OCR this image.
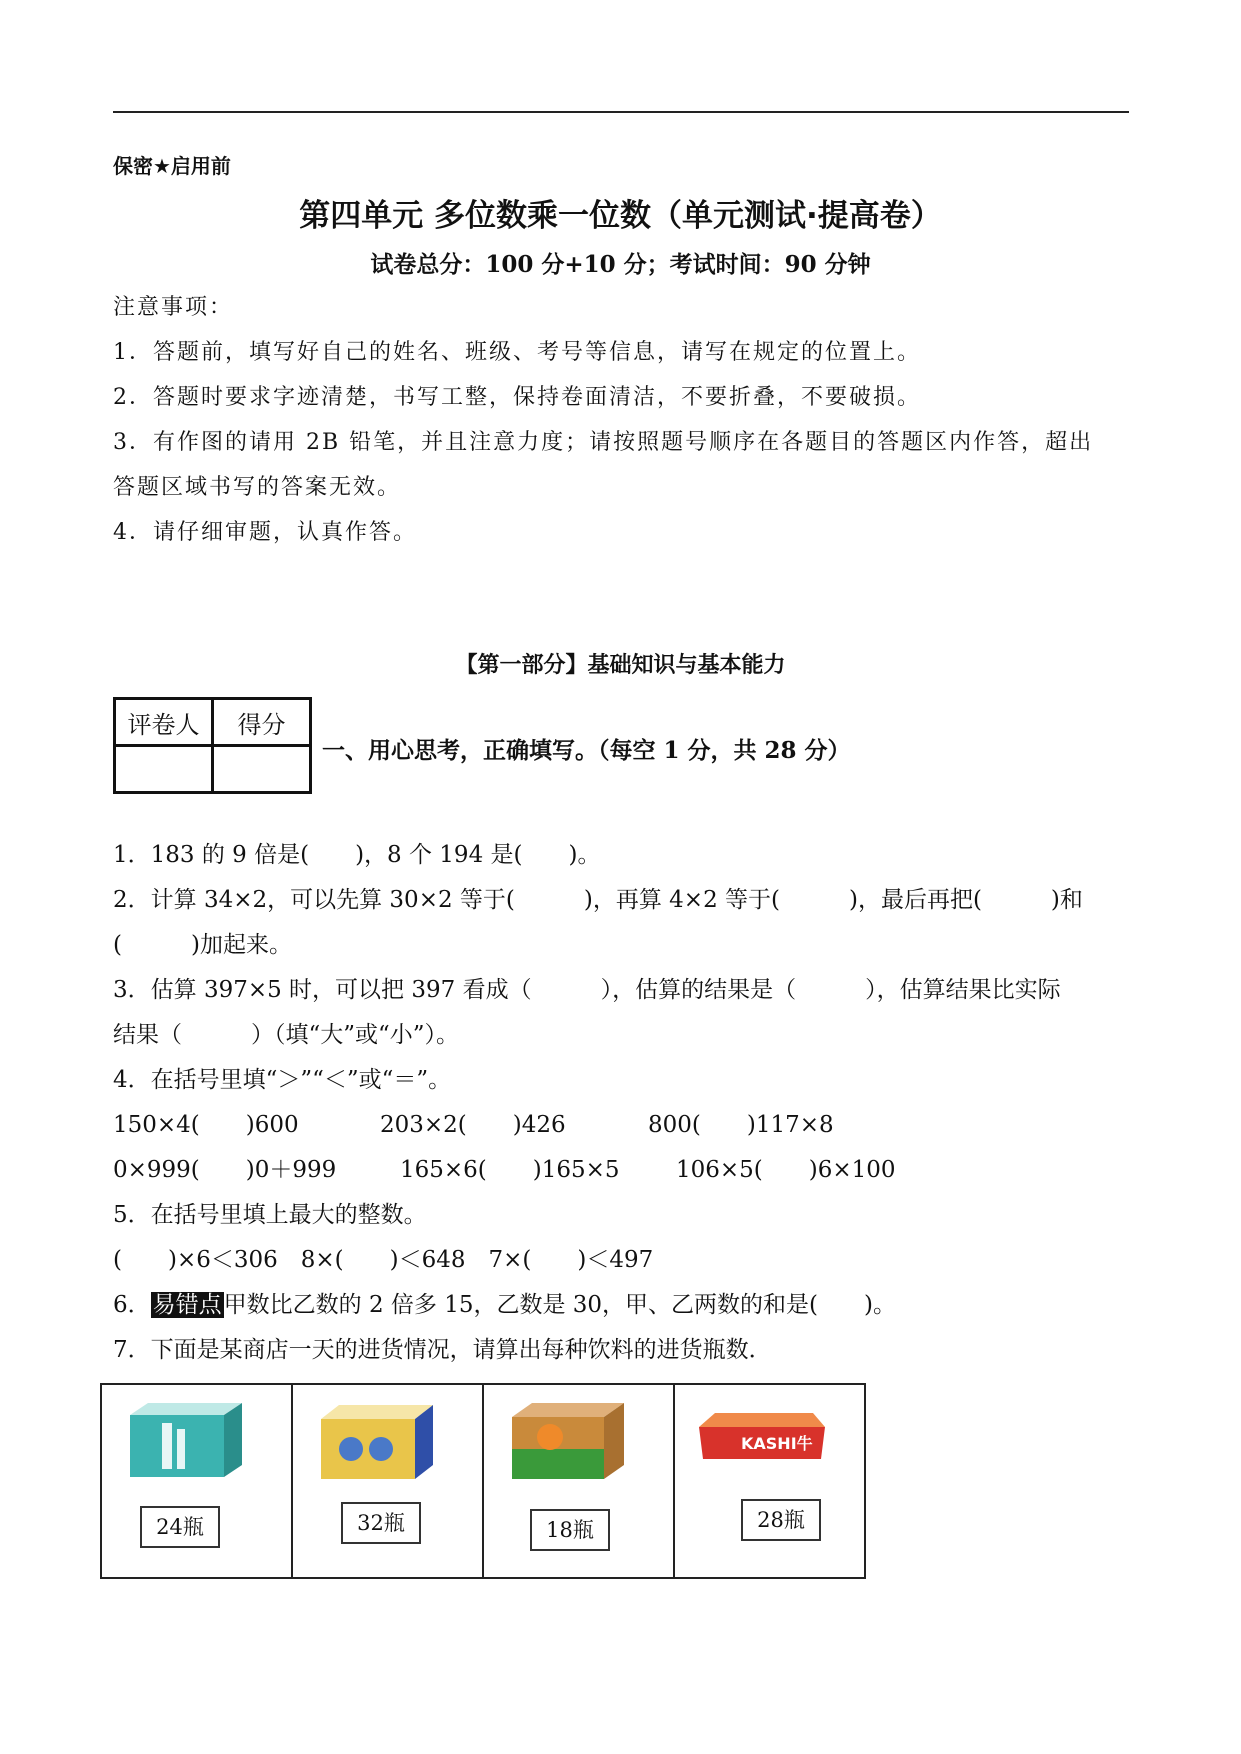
保密★启用前
第四单元 多位数乘一位数（单元测试·提高卷）
试卷总分：100 分+10 分；考试时间：90 分钟
注意事项：
1．答题前，填写好自己的姓名、班级、考号等信息，请写在规定的位置上。
2．答题时要求字迹清楚，书写工整，保持卷面清洁，不要折叠，不要破损。
3．有作图的请用 2B 铅笔，并且注意力度；请按照题号顺序在各题目的答题区内作答，超出
答题区域书写的答案无效。
4．请仔细审题，认真作答。
【第一部分】基础知识与基本能力
评卷人	得分

一、用心思考，正确填写。（每空 1 分，共 28 分）
1．183 的 9 倍是(　　)，8 个 194 是(　　)。
2．计算 34×2，可以先算 30×2 等于(　　　)，再算 4×2 等于(　　　)，最后再把(　　　)和
(　　　)加起来。
3．估算 397×5 时，可以把 397 看成（　　　），估算的结果是（　　　），估算结果比实际
结果（　　　）（填“大”或“小”）。
4．在括号里填“＞”“＜”或“＝”。
150×4(　　)600	203×2(　　)426	800(　　)117×8
0×999(　　)0＋999	165×6(　　)165×5 106×5(　　)6×100
5．在括号里填上最大的整数。
(　　)×6＜306　8×(　　)＜648　7×(　　)＜497
6．易错点甲数比乙数的 2 倍多 15，乙数是 30，甲、乙两数的和是(　　)。
7．下面是某商店一天的进货情况，请算出每种饮料的进货瓶数．
24瓶	32瓶	18瓶

KASHI牛
28瓶
